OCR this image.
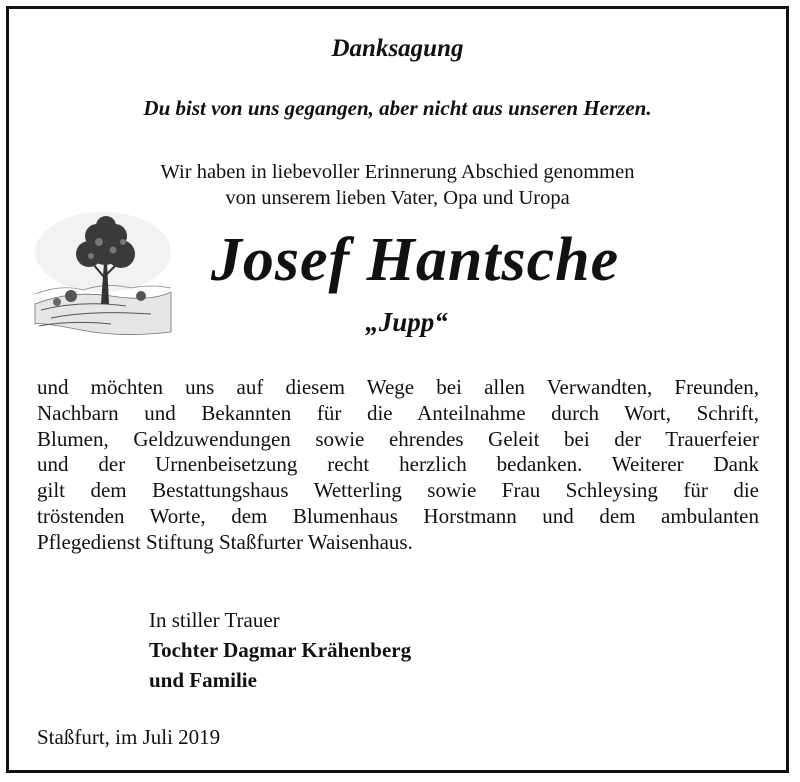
Danksagung
Du bist von uns gegangen, aber nicht aus unseren Herzen.
Wir haben in liebevoller Erinnerung Abschied genommen
von unserem lieben Vater, Opa und Uropa
Josef Hantsche
„Jupp“
und möchten uns auf diesem Wege bei allen Verwandten, Freunden,
Nachbarn und Bekannten für die Anteilnahme durch Wort, Schrift,
Blumen, Geldzuwendungen sowie ehrendes Geleit bei der Trauerfeier
und der Urnenbeisetzung recht herzlich bedanken. Weiterer Dank
gilt dem Bestattungshaus Wetterling sowie Frau Schleysing für die
tröstenden Worte, dem Blumenhaus Horstmann und dem ambulanten
Pflegedienst Stiftung Staßfurter Waisenhaus.
In stiller Trauer
Tochter Dagmar Krähenberg
und Familie
Staßfurt, im Juli 2019
